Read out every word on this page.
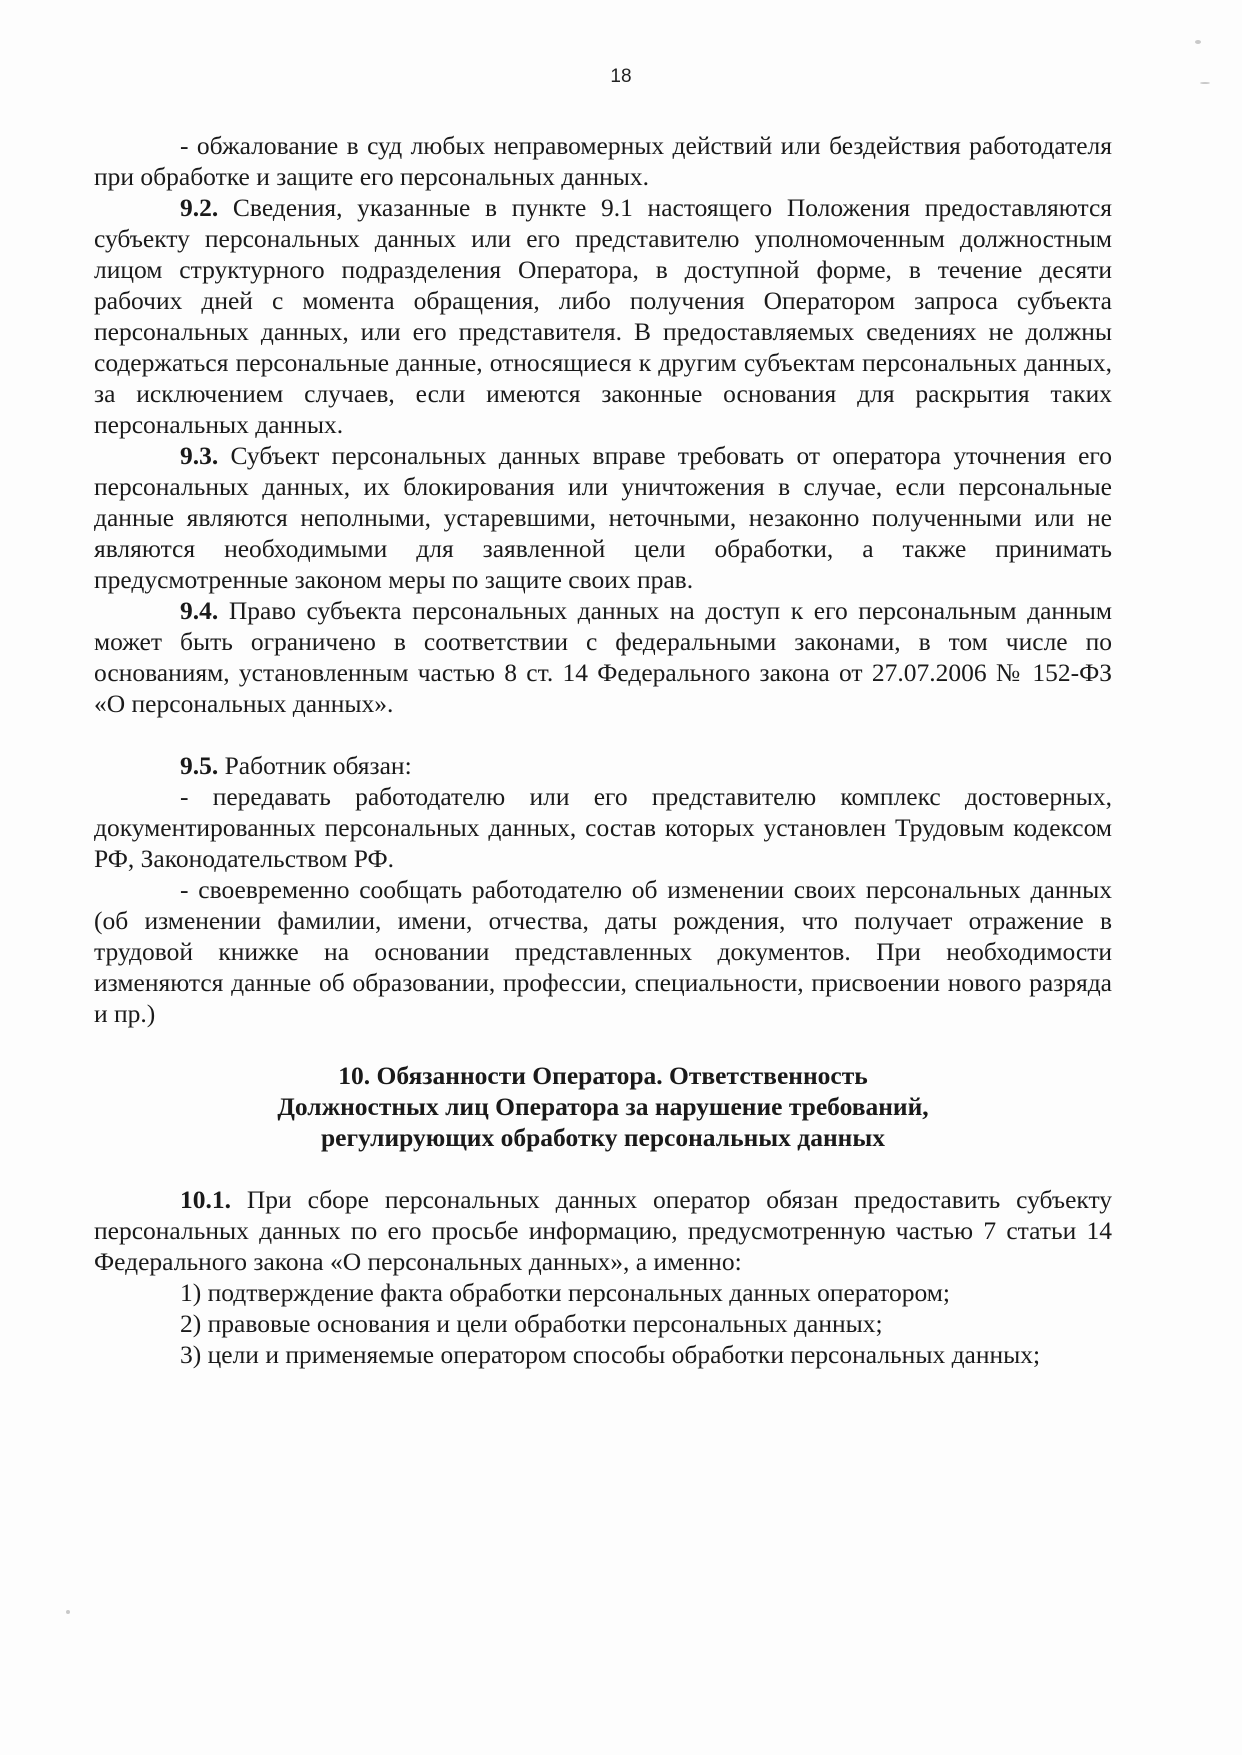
18

- обжалование в суд любых неправомерных действий или бездействия работодателя при обработке и защите его персональных данных.

9.2. Сведения, указанные в пункте 9.1 настоящего Положения предоставляются субъекту персональных данных или его представителю уполномоченным должностным лицом структурного подразделения Оператора, в доступной форме, в течение десяти рабочих дней с момента обращения, либо получения Оператором запроса субъекта персональных данных, или его представителя. В предоставляемых сведениях не должны содержаться персональные данные, относящиеся к другим субъектам персональных данных, за исключением случаев, если имеются законные основания для раскрытия таких персональных данных.

9.3. Субъект персональных данных вправе требовать от оператора уточнения его персональных данных, их блокирования или уничтожения в случае, если персональные данные являются неполными, устаревшими, неточными, незаконно полученными или не являются необходимыми для заявленной цели обработки, а также принимать предусмотренные законом меры по защите своих прав.

9.4. Право субъекта персональных данных на доступ к его персональным данным может быть ограничено в соответствии с федеральными законами, в том числе по основаниям, установленным частью 8 ст. 14 Федерального закона от 27.07.2006 № 152-ФЗ «О персональных данных».

9.5. Работник обязан:

- передавать работодателю или его представителю комплекс достоверных, документированных персональных данных, состав которых установлен Трудовым кодексом РФ, Законодательством РФ.

- своевременно сообщать работодателю об изменении своих персональных данных (об изменении фамилии, имени, отчества, даты рождения, что получает отражение в трудовой книжке на основании представленных документов. При необходимости изменяются данные об образовании, профессии, специальности, присвоении нового разряда и пр.)

10. Обязанности Оператора. Ответственность
Должностных лиц Оператора за нарушение требований,
регулирующих обработку персональных данных

10.1. При сборе персональных данных оператор обязан предоставить субъекту персональных данных по его просьбе информацию, предусмотренную частью 7 статьи 14 Федерального закона «О персональных данных», а именно:

1) подтверждение факта обработки персональных данных оператором;

2) правовые основания и цели обработки персональных данных;

3) цели и применяемые оператором способы обработки персональных данных;
